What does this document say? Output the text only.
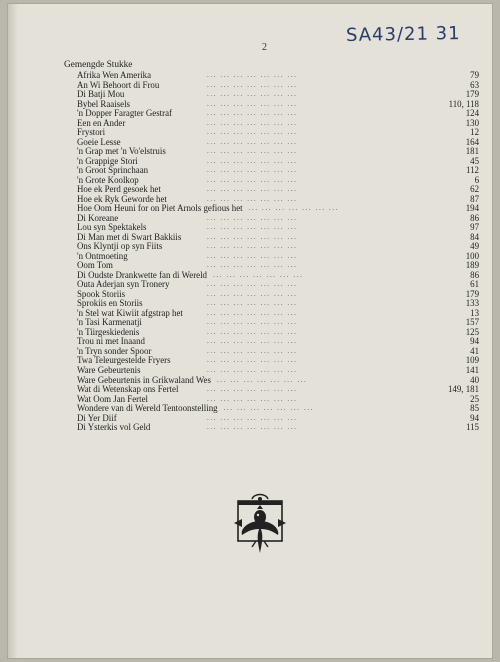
SA43/21 31
2
Gemengde Stukke
Afrika Wen Amerika	... ... ... ... ... ... ...	79
An Wi Behoort di Frou	... ... ... ... ... ... ...	63
Di Batji Mou	... ... ... ... ... ... ...	179
Bybel Raaisels	... ... ... ... ... ... ...	110, 118
'n Dopper Faragter Gestraf	... ... ... ... ... ... ...	124
Een en Ander	... ... ... ... ... ... ...	130
Frystori	... ... ... ... ... ... ...	12
Goeie Lesse	... ... ... ... ... ... ...	164
'n Grap met 'n Vo'elstruis	... ... ... ... ... ... ...	181
'n Grappige Stori	... ... ... ... ... ... ...	45
'n Groot Sprinchaan	... ... ... ... ... ... ...	112
'n Grote Koolkop	... ... ... ... ... ... ...	6
Hoe ek Perd gesoek het	... ... ... ... ... ... ...	62
Hoe ek Ryk Geworde het	... ... ... ... ... ... ...	87
Hoe Oom Heuni for on Piet Arnols gefious het ... ... ... ... ... ... ...	194
Di Koreane	... ... ... ... ... ... ...	86
Lou syn Spektakels	... ... ... ... ... ... ...	97
Di Man met di Swart Bakkiis	... ... ... ... ... ... ...	84
Ons Klyntji op syn Fiits	... ... ... ... ... ... ...	49
'n Ontmoeting	... ... ... ... ... ... ...	100
Oom Tom	... ... ... ... ... ... ...	189
Di Oudste Drankwette fan di Wereld ... ... ... ... ... ... ...	86
Outa Aderjan syn Tronery	... ... ... ... ... ... ...	61
Spook Storiis	... ... ... ... ... ... ...	179
Sprokiis en Storiis	... ... ... ... ... ... ...	133
'n Stel wat Kiwiit afgstrap het	... ... ... ... ... ... ...	13
'n Tasi Karmenatji	... ... ... ... ... ... ...	157
'n Tiirgeskiedenis	... ... ... ... ... ... ...	125
Trou ni met Inaand	... ... ... ... ... ... ...	94
'n Tryn sonder Spoor	... ... ... ... ... ... ...	41
Twa Teleurgestelde Fryers	... ... ... ... ... ... ...	109
Ware Gebeurtenis	... ... ... ... ... ... ...	141
Ware Gebeurtenis in Grikwaland Wes ... ... ... ... ... ... ...	40
Wat di Wetenskap ons Fertel	... ... ... ... ... ... ...	149, 181
Wat Oom Jan Fertel	... ... ... ... ... ... ...	25
Wondere van di Wereld Tentoonstelling ... ... ... ... ... ... ...	85
Di Yer Diif	... ... ... ... ... ... ...	94
Di Ysterkis vol Geld	... ... ... ... ... ... ...	115
